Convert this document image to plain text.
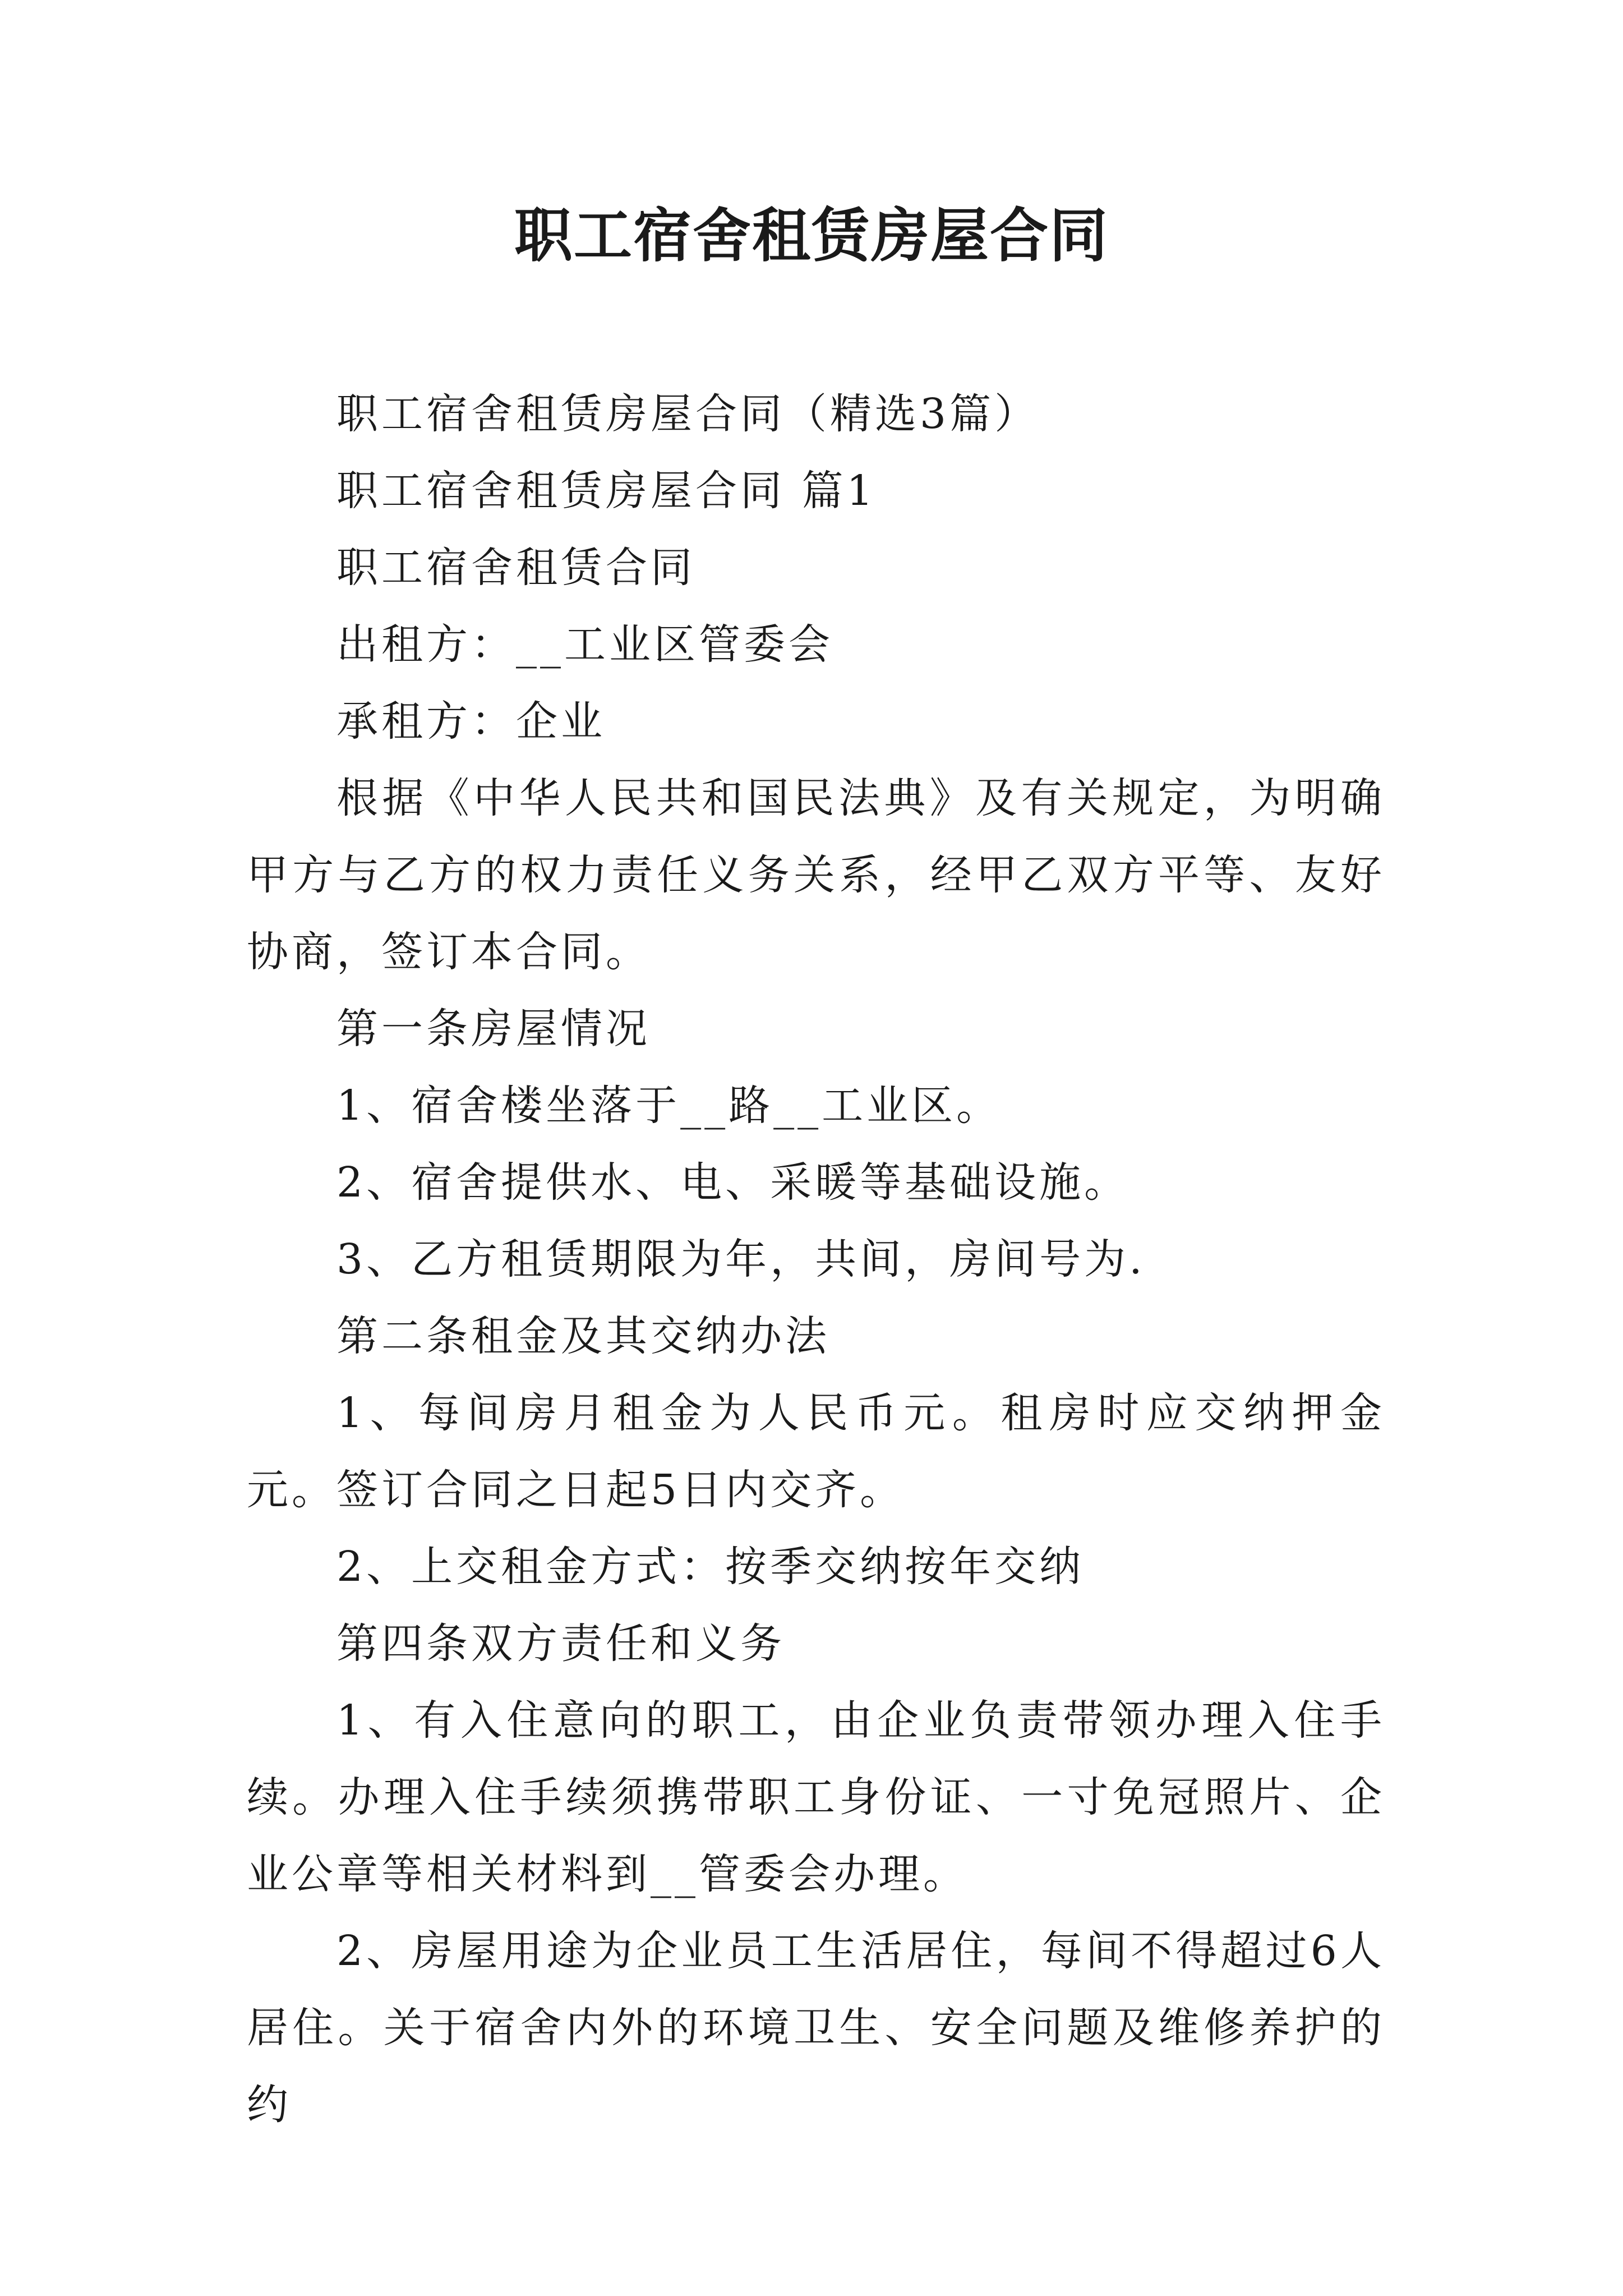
职工宿舍租赁房屋合同

职工宿舍租赁房屋合同（精选3篇）

职工宿舍租赁房屋合同 篇1

职工宿舍租赁合同

出租方：__工业区管委会

承租方：企业

根据《中华人民共和国民法典》及有关规定，为明确甲方与乙方的权力责任义务关系，经甲乙双方平等、友好协商，签订本合同。

第一条房屋情况

1、宿舍楼坐落于__路__工业区。

2、宿舍提供水、电、采暖等基础设施。

3、乙方租赁期限为年，共间，房间号为.

第二条租金及其交纳办法

1、每间房月租金为人民币元。租房时应交纳押金元。签订合同之日起5日内交齐。

2、上交租金方式：按季交纳按年交纳

第四条双方责任和义务

1、有入住意向的职工，由企业负责带领办理入住手续。办理入住手续须携带职工身份证、一寸免冠照片、企业公章等相关材料到__管委会办理。

2、房屋用途为企业员工生活居住，每间不得超过6人居住。关于宿舍内外的环境卫生、安全问题及维修养护的约
